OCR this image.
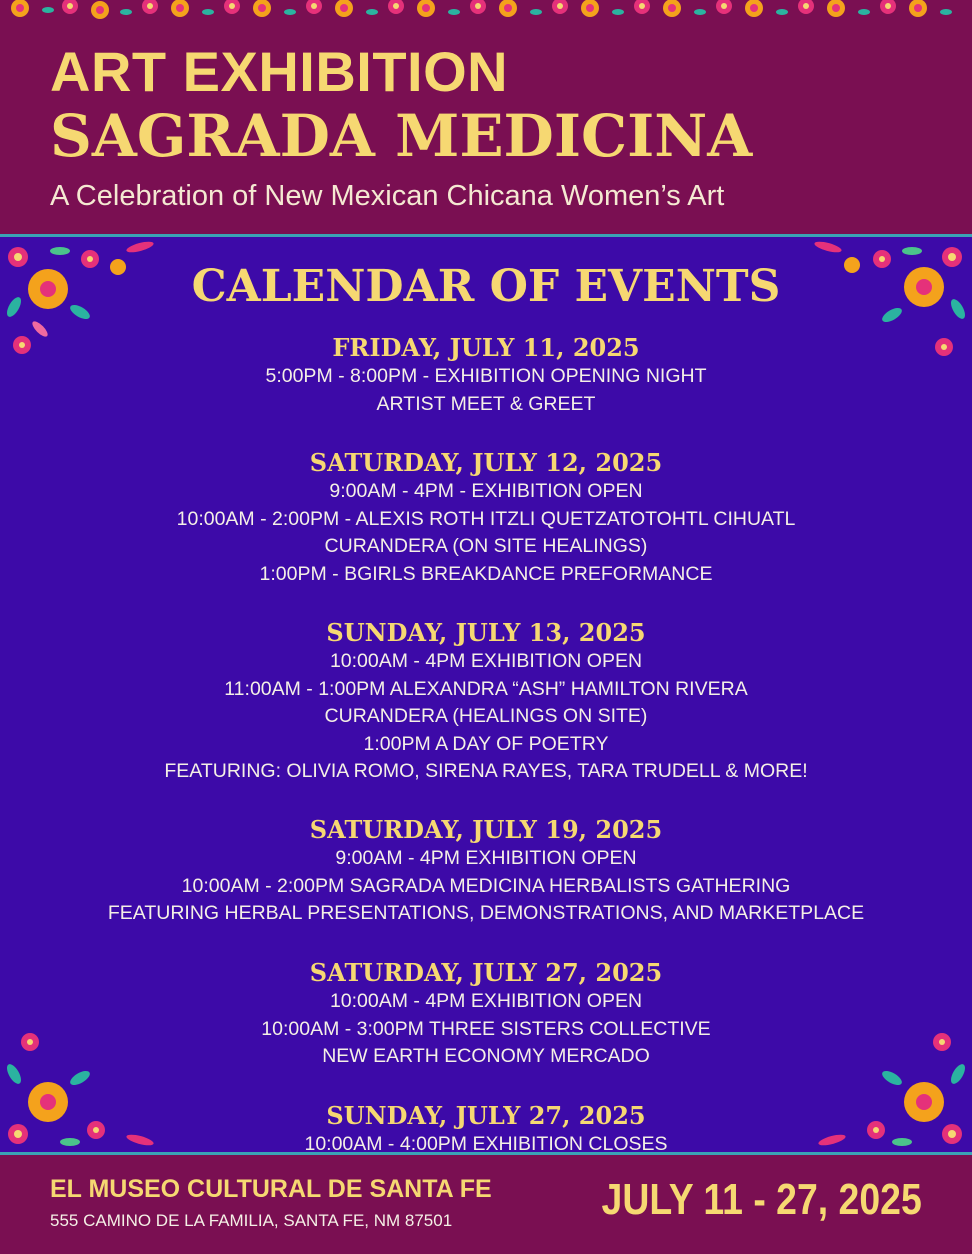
ART EXHIBITION
SAGRADA MEDICINA
A Celebration of New Mexican Chicana Women’s Art
CALENDAR OF EVENTS
FRIDAY, JULY 11, 2025
5:00PM - 8:00PM - EXHIBITION OPENING NIGHT
ARTIST MEET & GREET
SATURDAY, JULY 12, 2025
9:00AM - 4PM - EXHIBITION OPEN
10:00AM - 2:00PM - ALEXIS ROTH ITZLI QUETZATOTOHTL CIHUATL
CURANDERA (ON SITE HEALINGS)
1:00PM - BGIRLS BREAKDANCE PREFORMANCE
SUNDAY, JULY 13, 2025
10:00AM - 4PM EXHIBITION OPEN
11:00AM - 1:00PM ALEXANDRA “ASH” HAMILTON RIVERA
CURANDERA (HEALINGS ON SITE)
1:00PM A DAY OF POETRY
FEATURING: OLIVIA ROMO, SIRENA RAYES, TARA TRUDELL & MORE!
SATURDAY, JULY 19, 2025
9:00AM - 4PM EXHIBITION OPEN
10:00AM - 2:00PM SAGRADA MEDICINA HERBALISTS GATHERING
FEATURING HERBAL PRESENTATIONS, DEMONSTRATIONS, AND MARKETPLACE
SATURDAY, JULY 27, 2025
10:00AM - 4PM EXHIBITION OPEN
10:00AM - 3:00PM THREE SISTERS COLLECTIVE
NEW EARTH ECONOMY MERCADO
SUNDAY, JULY 27, 2025
10:00AM - 4:00PM EXHIBITION CLOSES
EL MUSEO CULTURAL DE SANTA FE
555 CAMINO DE LA FAMILIA, SANTA FE, NM 87501	JULY 11 - 27, 2025
